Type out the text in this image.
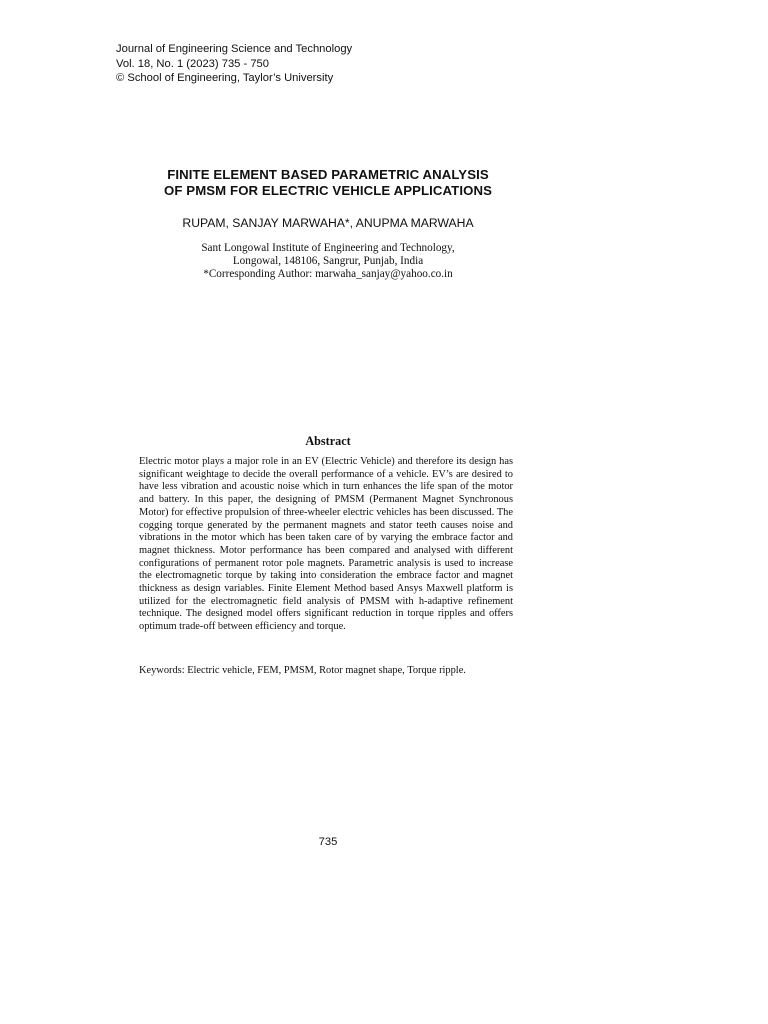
Journal of Engineering Science and Technology
Vol. 18, No. 1 (2023) 735 - 750
© School of Engineering, Taylor’s University
FINITE ELEMENT BASED PARAMETRIC ANALYSIS
OF PMSM FOR ELECTRIC VEHICLE APPLICATIONS
RUPAM, SANJAY MARWAHA*, ANUPMA MARWAHA
Sant Longowal Institute of Engineering and Technology,
Longowal, 148106, Sangrur, Punjab, India
*Corresponding Author: marwaha_sanjay@yahoo.co.in
Abstract

Electric motor plays a major role in an EV (Electric Vehicle) and therefore its design has significant weightage to decide the overall performance of a vehicle. EV’s are desired to have less vibration and acoustic noise which in turn enhances the life span of the motor and battery. In this paper, the designing of PMSM (Permanent Magnet Synchronous Motor) for effective propulsion of three-wheeler electric vehicles has been discussed. The cogging torque generated by the permanent magnets and stator teeth causes noise and vibrations in the motor which has been taken care of by varying the embrace factor and magnet thickness. Motor performance has been compared and analysed with different configurations of permanent rotor pole magnets. Parametric analysis is used to increase the electromagnetic torque by taking into consideration the embrace factor and magnet thickness as design variables. Finite Element Method based Ansys Maxwell platform is utilized for the electromagnetic field analysis of PMSM with h-adaptive refinement technique. The designed model offers significant reduction in torque ripples and offers optimum trade-off between efficiency and torque.

Keywords: Electric vehicle, FEM, PMSM, Rotor magnet shape, Torque ripple.
735
